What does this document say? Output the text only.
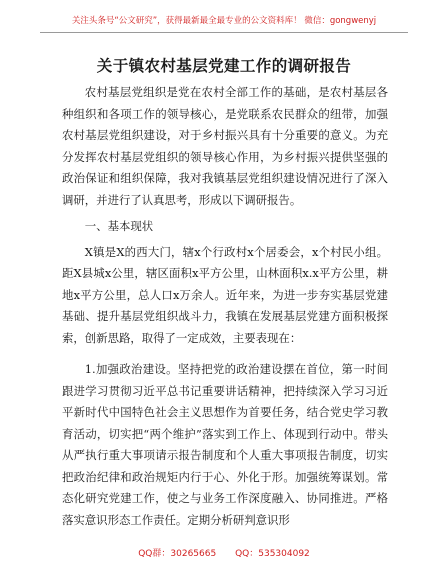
关注头条号“公文研究”，获得最新最全最专业的公文资料库！ 微信：gongwenyj
关于镇农村基层党建工作的调研报告

农村基层党组织是党在农村全部工作的基础，是农村基层各种组织和各项工作的领导核心，是党联系农民群众的纽带，加强农村基层党组织建设，对于乡村振兴具有十分重要的意义。为充分发挥农村基层党组织的领导核心作用，为乡村振兴提供坚强的政治保证和组织保障，我对我镇基层党组织建设情况进行了深入调研，并进行了认真思考，形成以下调研报告。

一、基本现状

X镇是X的西大门，辖x个行政村x个居委会，x个村民小组。距X县城x公里，辖区面积x平方公里，山林面积x.x平方公里，耕地x平方公里，总人口x万余人。近年来，为进一步夯实基层党建基础、提升基层党组织战斗力，我镇在发展基层党建方面积极探索，创新思路，取得了一定成效，主要表现在：

1.加强政治建设。坚持把党的政治建设摆在首位，第一时间跟进学习贯彻习近平总书记重要讲话精神，把持续深入学习习近平新时代中国特色社会主义思想作为首要任务，结合党史学习教育活动，切实把“两个维护”落实到工作上、体现到行动中。带头从严执行重大事项请示报告制度和个人重大事项报告制度，切实把政治纪律和政治规矩内行于心、外化于形。加强统筹谋划。常态化研究党建工作，使之与业务工作深度融入、协同推进。严格落实意识形态工作责任。定期分析研判意识形

QQ群：30265665 QQ：535304092
